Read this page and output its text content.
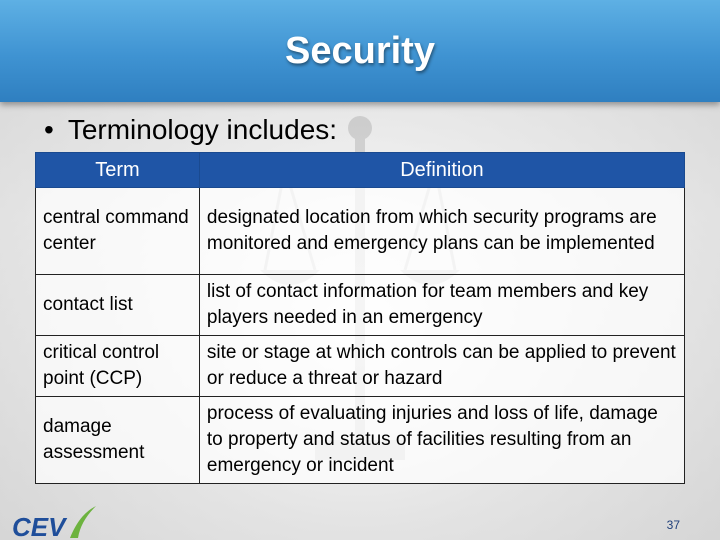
Security
• Terminology includes:
Term	Definition
central command center	designated location from which security programs are monitored and emergency plans can be implemented
contact list	list of contact information for team members and key players needed in an emergency
critical control point (CCP)	site or stage at which controls can be applied to prevent or reduce a threat or hazard
damage assessment	process of evaluating injuries and loss of life, damage to property and status of facilities resulting from an emergency or incident
CEV	37
